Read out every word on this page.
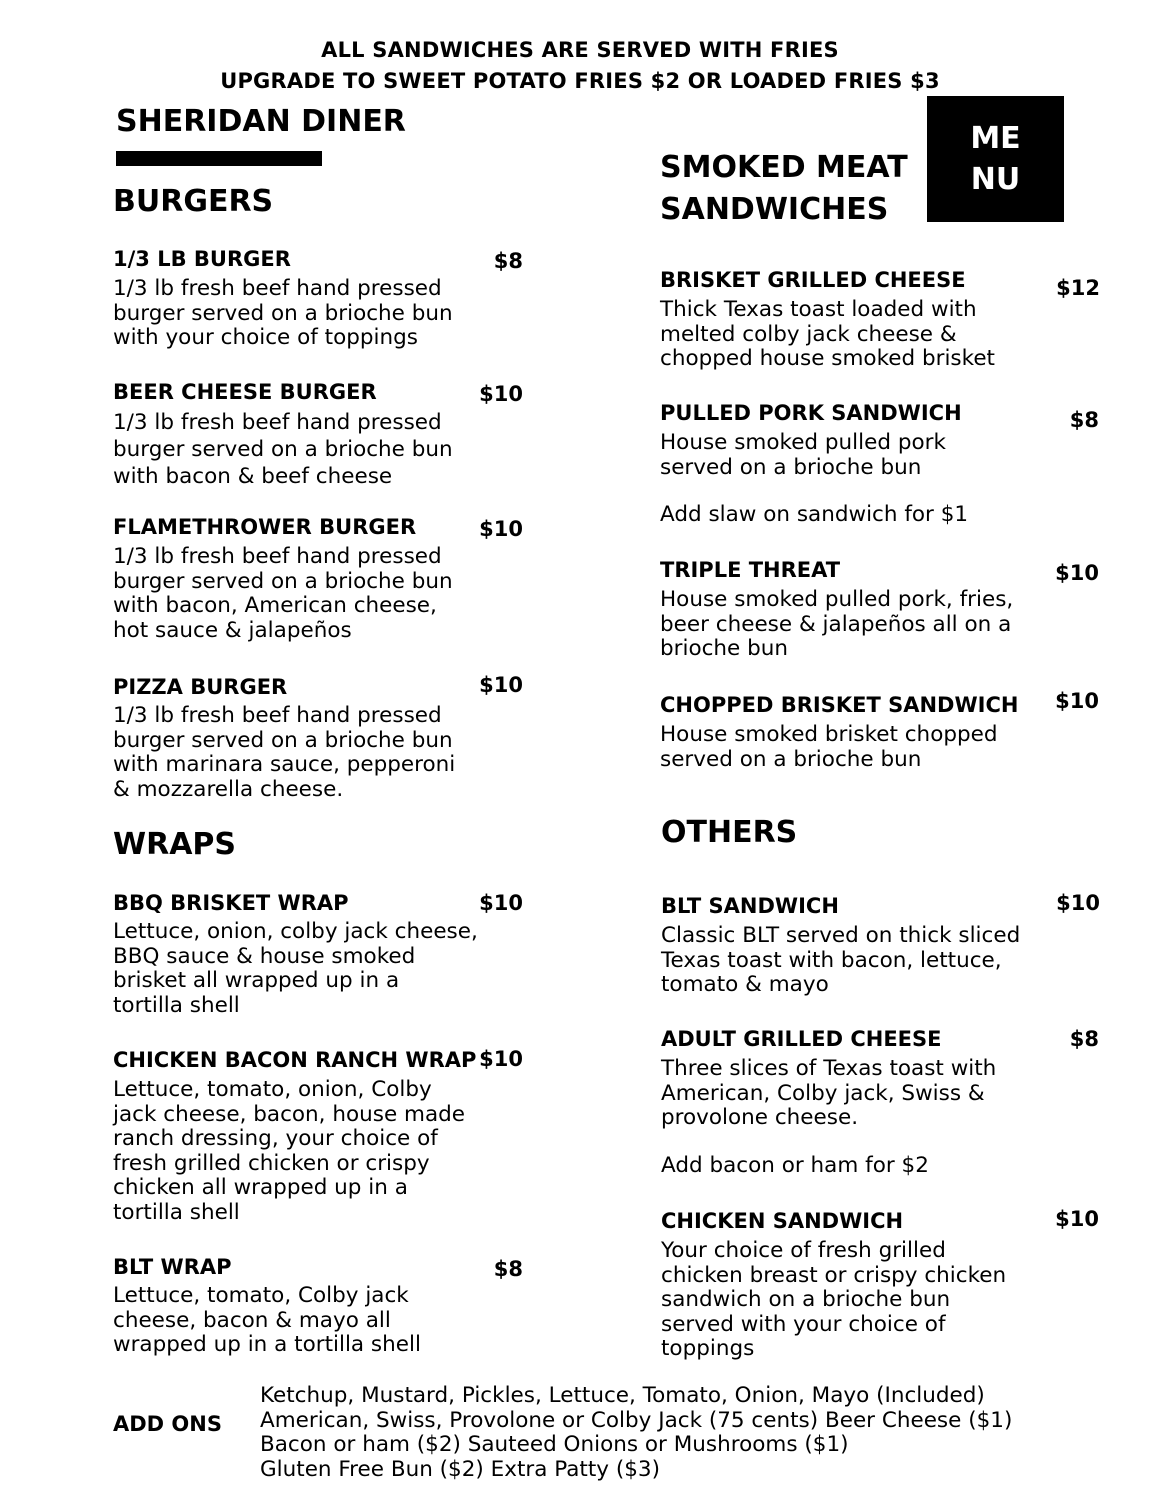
ALL SANDWICHES ARE SERVED WITH FRIES
UPGRADE TO SWEET POTATO FRIES $2 OR LOADED FRIES $3
SHERIDAN DINER	ME
NU
BURGERS
WRAPS
SMOKED MEAT
SANDWICHES
OTHERS
1/3 LB BURGER	$8
1/3 lb fresh beef hand pressed
burger served on a brioche bun
with your choice of toppings
BEER CHEESE BURGER	$10
1/3 lb fresh beef hand pressed
burger served on a brioche bun
with bacon & beef cheese
FLAMETHROWER BURGER	$10
1/3 lb fresh beef hand pressed
burger served on a brioche bun
with bacon, American cheese,
hot sauce & jalapeños
PIZZA BURGER	$10
1/3 lb fresh beef hand pressed
burger served on a brioche bun
with marinara sauce, pepperoni
& mozzarella cheese.
BBQ BRISKET WRAP	$10
Lettuce, onion, colby jack cheese,
BBQ sauce & house smoked
brisket all wrapped up in a
tortilla shell
CHICKEN BACON RANCH WRAP $10
Lettuce, tomato, onion, Colby
jack cheese, bacon, house made
ranch dressing, your choice of
fresh grilled chicken or crispy
chicken all wrapped up in a
tortilla shell
BLT WRAP	$8
Lettuce, tomato, Colby jack
cheese, bacon & mayo all
wrapped up in a tortilla shell
BRISKET GRILLED CHEESE	$12
Thick Texas toast loaded with
melted colby jack cheese &
chopped house smoked brisket
PULLED PORK SANDWICH	$8
House smoked pulled pork
served on a brioche bun
Add slaw on sandwich for $1
TRIPLE THREAT	$10
House smoked pulled pork, fries,
beer cheese & jalapeños all on a
brioche bun
CHOPPED BRISKET SANDWICH	$10
House smoked brisket chopped
served on a brioche bun
BLT SANDWICH	$10
Classic BLT served on thick sliced
Texas toast with bacon, lettuce,
tomato & mayo
ADULT GRILLED CHEESE	$8
Three slices of Texas toast with
American, Colby jack, Swiss &
provolone cheese.
Add bacon or ham for $2
CHICKEN SANDWICH	$10
Your choice of fresh grilled
chicken breast or crispy chicken
sandwich on a brioche bun
served with your choice of
toppings
ADD ONS
Ketchup, Mustard, Pickles, Lettuce, Tomato, Onion, Mayo (Included)
American, Swiss, Provolone or Colby Jack (75 cents) Beer Cheese ($1)
Bacon or ham ($2) Sauteed Onions or Mushrooms ($1)
Gluten Free Bun ($2) Extra Patty ($3)
